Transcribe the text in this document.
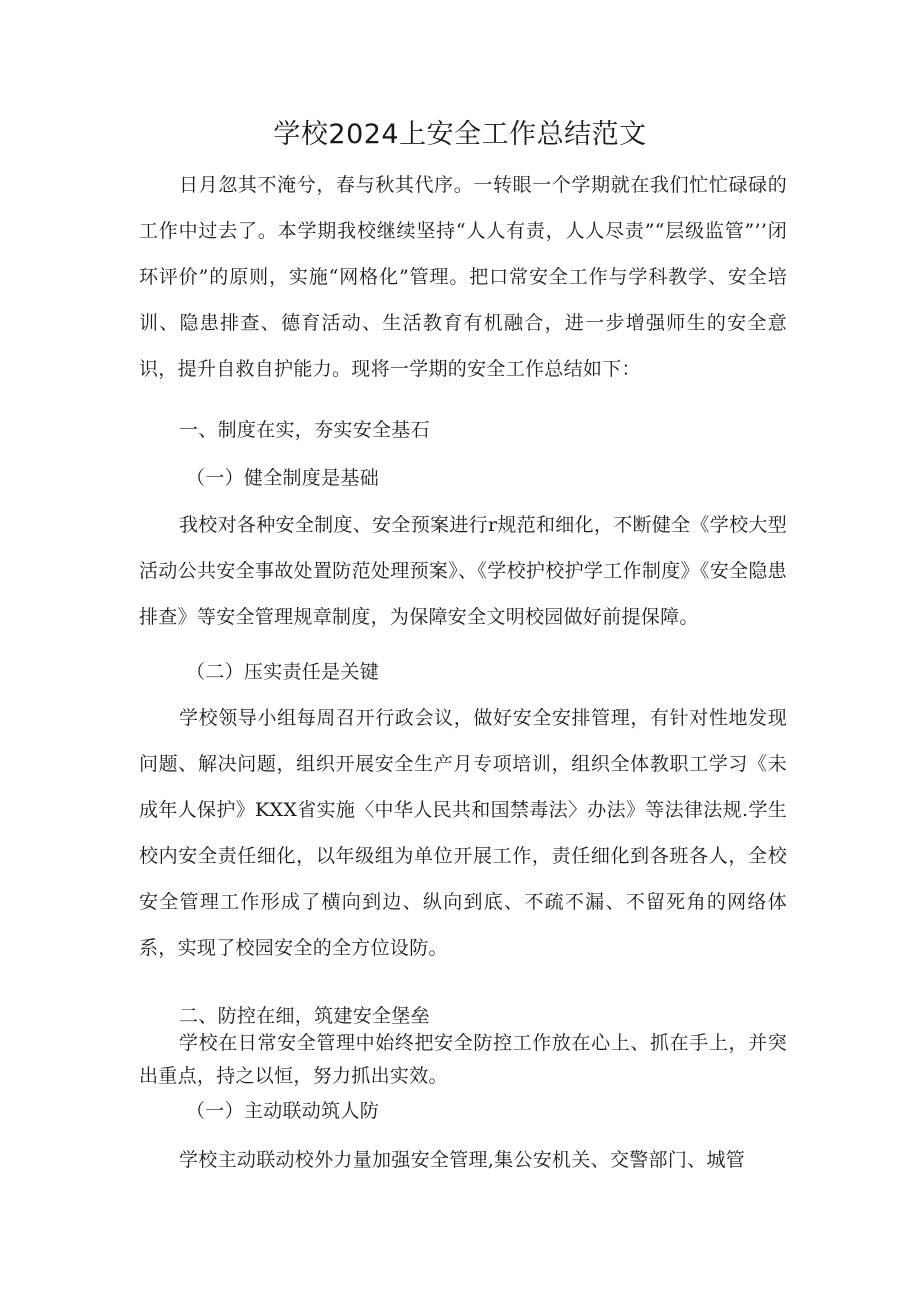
学校2024上安全工作总结范文
日月忽其不淹兮，春与秋其代序。一转眼一个学期就在我们忙忙碌碌的工作中过去了。本学期我校继续坚持“人人有责，人人尽责”“层级监管”’’闭环评价”的原则，实施“网格化”管理。把口常安全工作与学科教学、安全培训、隐患排查、德育活动、生活教育有机融合，进一步增强师生的安全意识，提升自救自护能力。现将一学期的安全工作总结如下：
一、制度在实，夯实安全基石
（一）健全制度是基础
我校对各种安全制度、安全预案进行r规范和细化，不断健全《学校大型活动公共安全事故处置防范处理预案》、《学校护校护学工作制度》《安全隐患排查》等安全管理规章制度，为保障安全文明校园做好前提保障。
（二）压实责任是关键
学校领导小组每周召开行政会议，做好安全安排管理，有针对性地发现问题、解决问题，组织开展安全生产月专项培训，组织全体教职工学习《未成年人保护》KXX省实施〈中华人民共和国禁毒法〉办法》等法律法规.学生校内安全责任细化，以年级组为单位开展工作，责任细化到各班各人，全校安全管理工作形成了横向到边、纵向到底、不疏不漏、不留死角的网络体系，实现了校园安全的全方位设防。
二、防控在细，筑建安全堡垒
学校在日常安全管理中始终把安全防控工作放在心上、抓在手上，并突出重点，持之以恒，努力抓出实效。
（一）主动联动筑人防
学校主动联动校外力量加强安全管理,集公安机关、交警部门、城管
